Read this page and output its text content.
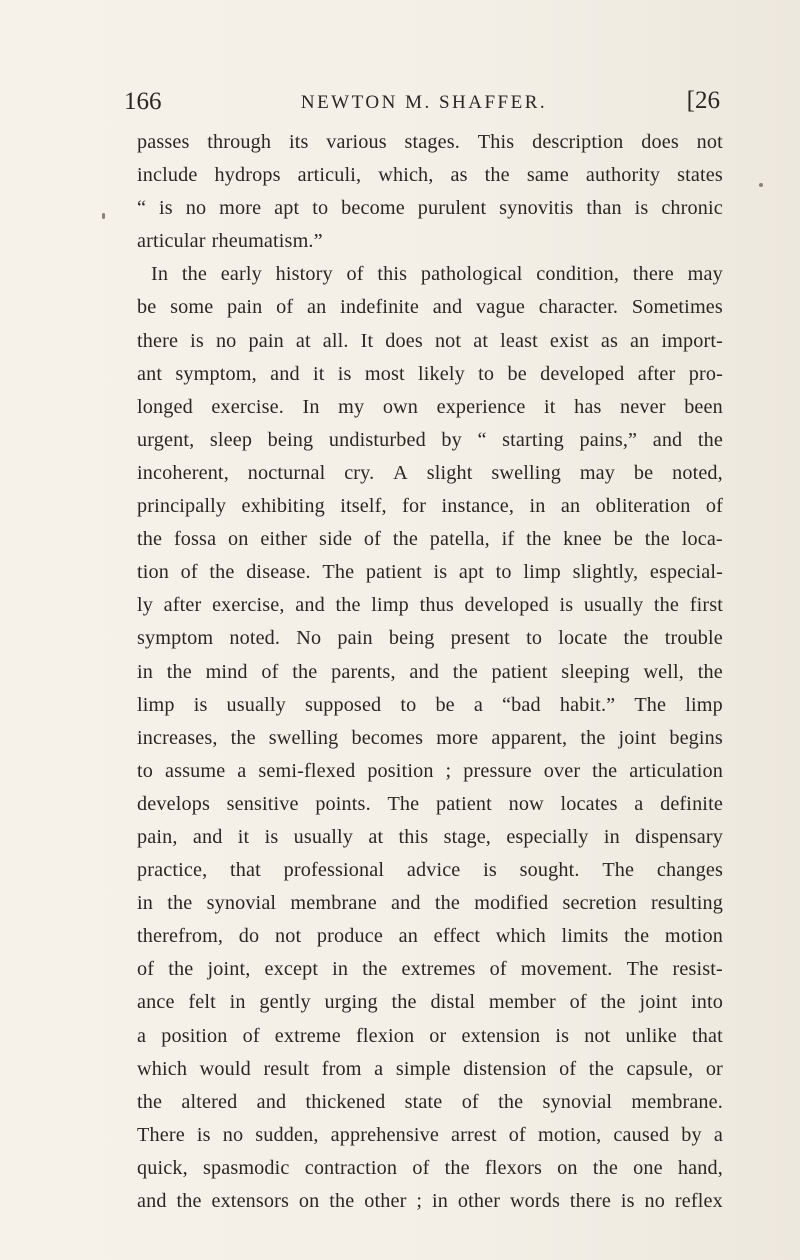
166	NEWTON M. SHAFFER.	[26
passes through its various stages. This description does not
include hydrops articuli, which, as the same authority states
“ is no more apt to become purulent synovitis than is chronic
articular rheumatism.”
In the early history of this pathological condition, there may
be some pain of an indefinite and vague character. Sometimes
there is no pain at all. It does not at least exist as an import-
ant symptom, and it is most likely to be developed after pro-
longed exercise. In my own experience it has never been
urgent, sleep being undisturbed by “ starting pains,” and the
incoherent, nocturnal cry. A slight swelling may be noted,
principally exhibiting itself, for instance, in an obliteration of
the fossa on either side of the patella, if the knee be the loca-
tion of the disease. The patient is apt to limp slightly, especial-
ly after exercise, and the limp thus developed is usually the first
symptom noted. No pain being present to locate the trouble
in the mind of the parents, and the patient sleeping well, the
limp is usually supposed to be a “bad habit.” The limp
increases, the swelling becomes more apparent, the joint begins
to assume a semi-flexed position ; pressure over the articulation
develops sensitive points. The patient now locates a definite
pain, and it is usually at this stage, especially in dispensary
practice, that professional advice is sought. The changes
in the synovial membrane and the modified secretion resulting
therefrom, do not produce an effect which limits the motion
of the joint, except in the extremes of movement. The resist-
ance felt in gently urging the distal member of the joint into
a position of extreme flexion or extension is not unlike that
which would result from a simple distension of the capsule, or
the altered and thickened state of the synovial membrane.
There is no sudden, apprehensive arrest of motion, caused by a
quick, spasmodic contraction of the flexors on the one hand,
and the extensors on the other ; in other words there is no reflex
